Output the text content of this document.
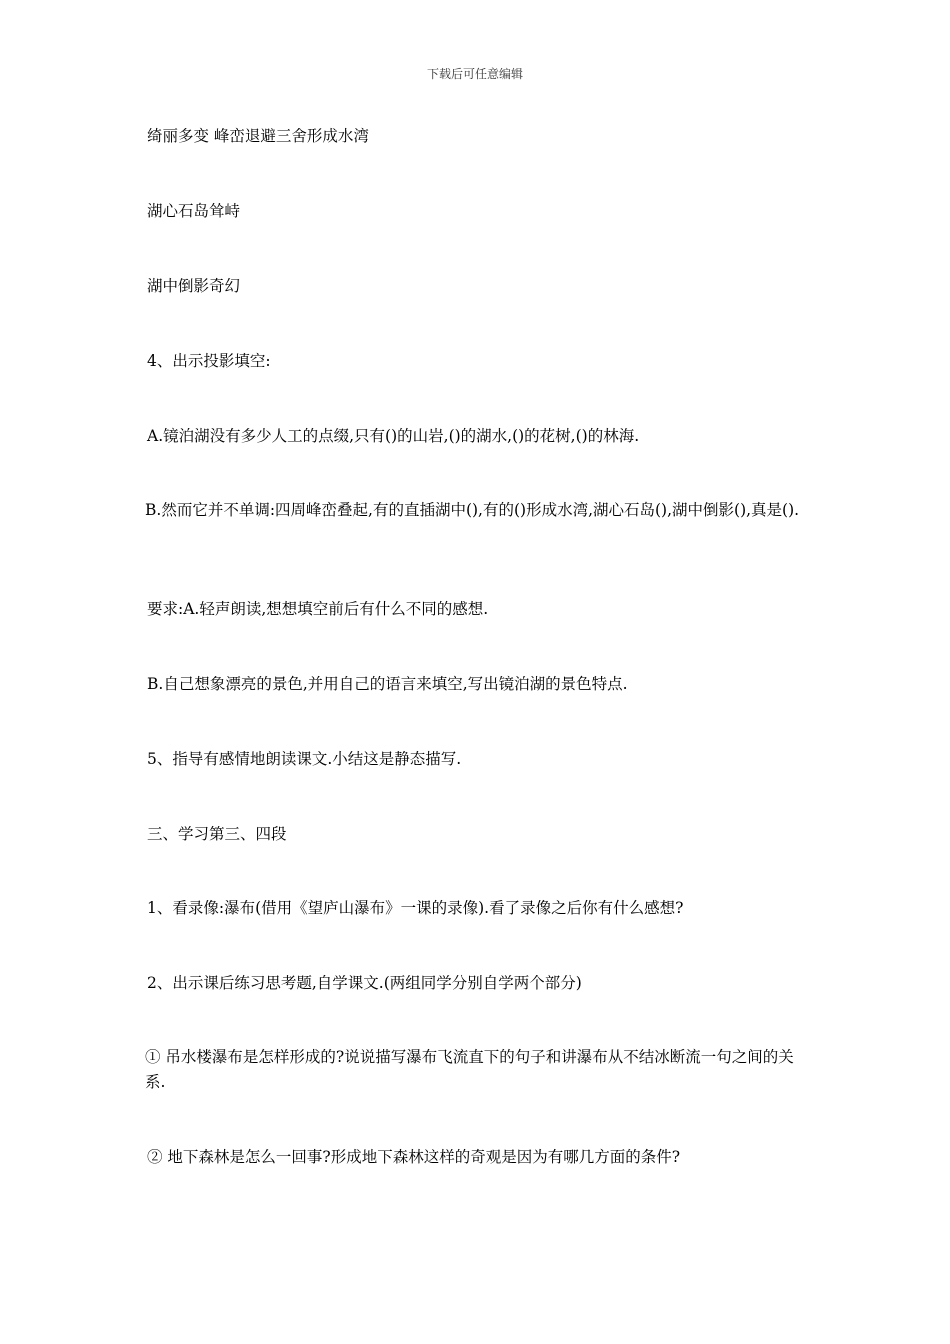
下载后可任意编辑
绮丽多变 峰峦退避三舍形成水湾
湖心石岛耸峙
湖中倒影奇幻
4、出示投影填空:
A.镜泊湖没有多少人工的点缀,只有()的山岩,()的湖水,()的花树,()的林海.
B.然而它并不单调:四周峰峦叠起,有的直插湖中(),有的()形成水湾,湖心石岛(),湖中倒影(),真是().
要求:A.轻声朗读,想想填空前后有什么不同的感想.
B.自己想象漂亮的景色,并用自己的语言来填空,写出镜泊湖的景色特点.
5、指导有感情地朗读课文.小结这是静态描写.
三、学习第三、四段
1、看录像:瀑布(借用《望庐山瀑布》一课的录像).看了录像之后你有什么感想?
2、出示课后练习思考题,自学课文.(两组同学分别自学两个部分)
① 吊水楼瀑布是怎样形成的?说说描写瀑布飞流直下的句子和讲瀑布从不结冰断流一句之间的关系.
② 地下森林是怎么一回事?形成地下森林这样的奇观是因为有哪几方面的条件?
